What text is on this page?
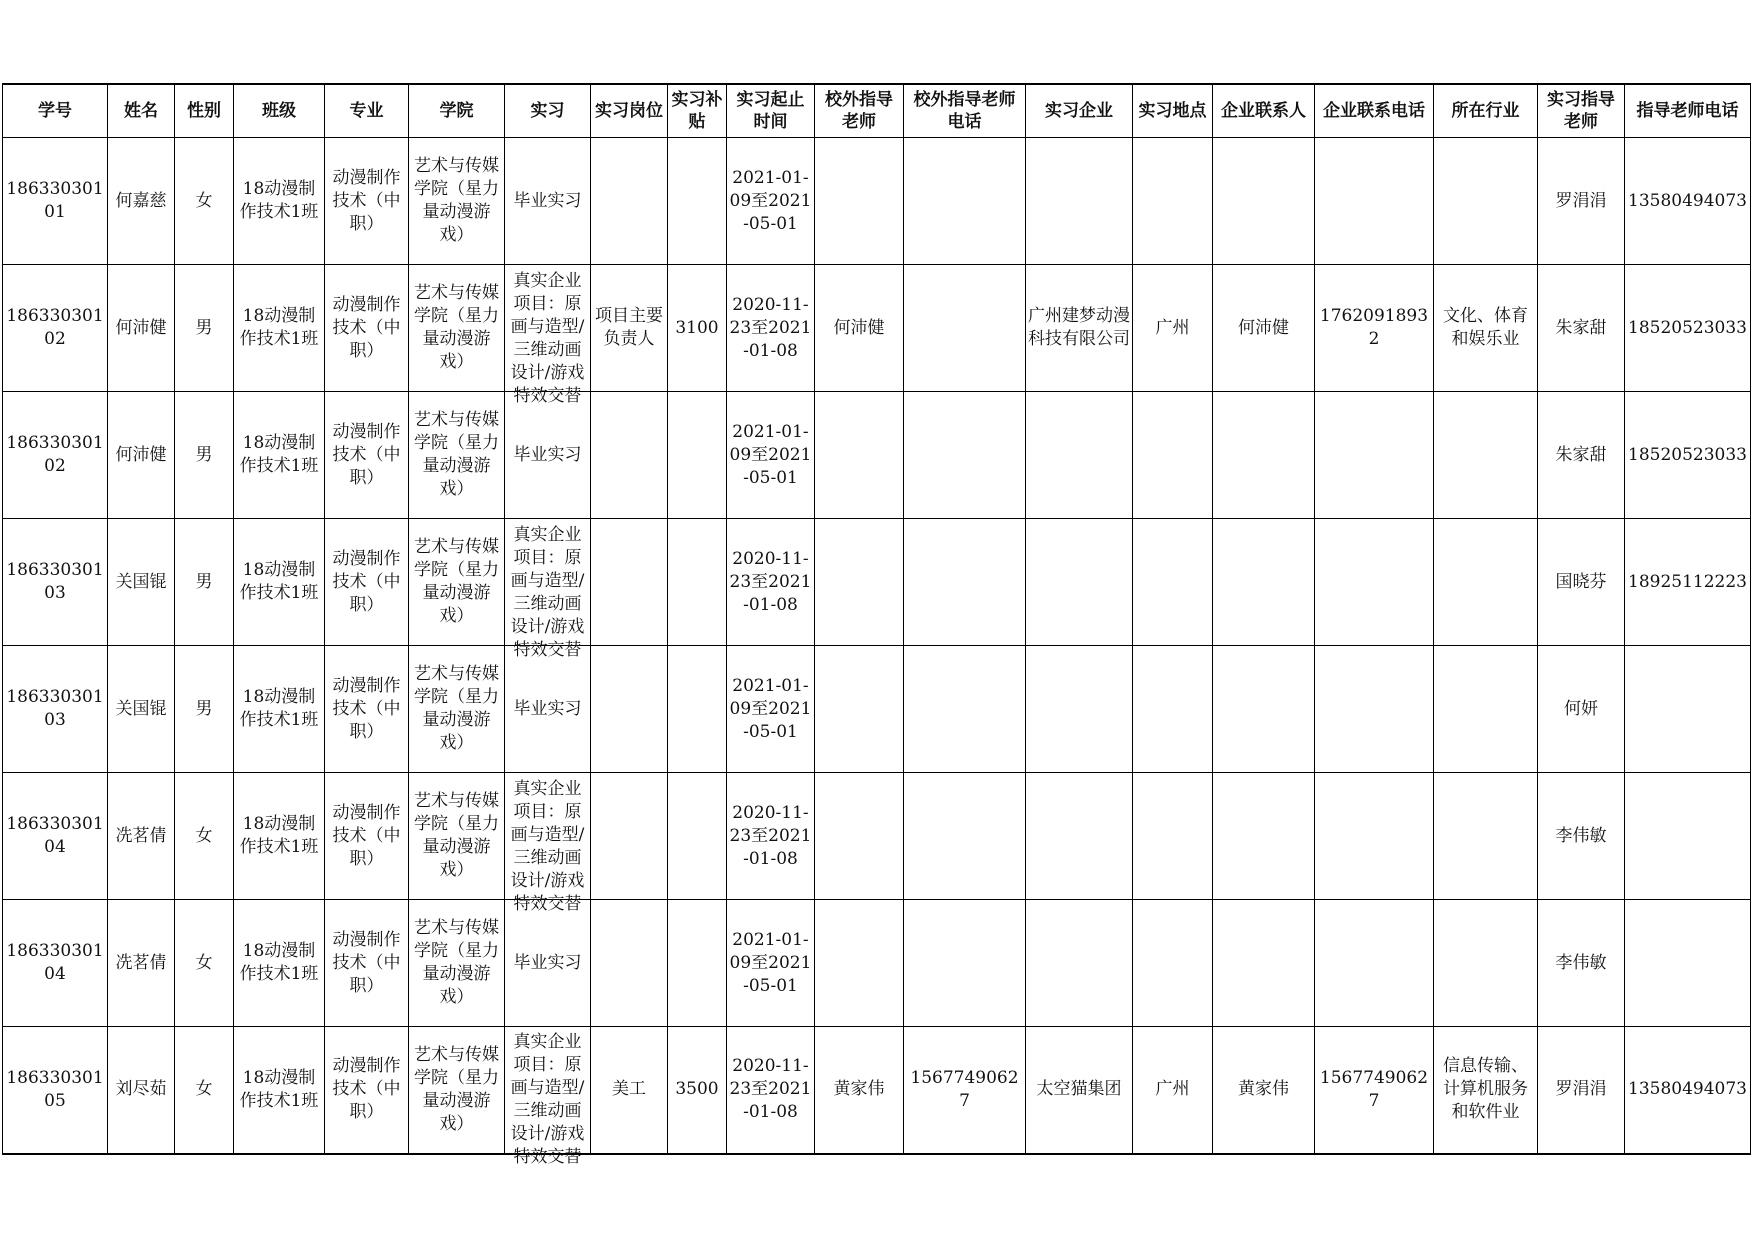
学号	姓名	性别	班级	专业	学院	实习	实习岗位	实习补贴	实习起止时间	校外指导老师	校外指导老师电话	实习企业	实习地点	企业联系人	企业联系电话	所在行业	实习指导老师	指导老师电话

18633030101	何嘉慈	女	18动漫制作技术1班	动漫制作技术（中职）	艺术与传媒学院（星力量动漫游戏）	毕业实习			2021-01-09至2021-05-01								罗涓涓	13580494073

18633030102	何沛健	男	18动漫制作技术1班	动漫制作技术（中职）	艺术与传媒学院（星力量动漫游戏）	真实企业项目：原画与造型/三维动画设计/游戏特效交替	项目主要负责人	3100	2020-11-23至2021-01-08	何沛健		广州建梦动漫科技有限公司	广州	何沛健	17620918932	文化、体育和娱乐业	朱家甜	18520523033

18633030102	何沛健	男	18动漫制作技术1班	动漫制作技术（中职）	艺术与传媒学院（星力量动漫游戏）	毕业实习			2021-01-09至2021-05-01								朱家甜	18520523033

18633030103	关国锟	男	18动漫制作技术1班	动漫制作技术（中职）	艺术与传媒学院（星力量动漫游戏）	真实企业项目：原画与造型/三维动画设计/游戏特效交替			2020-11-23至2021-01-08								国晓芬	18925112223

18633030103	关国锟	男	18动漫制作技术1班	动漫制作技术（中职）	艺术与传媒学院（星力量动漫游戏）	毕业实习			2021-01-09至2021-05-01								何妍	

18633030104	冼茗倩	女	18动漫制作技术1班	动漫制作技术（中职）	艺术与传媒学院（星力量动漫游戏）	真实企业项目：原画与造型/三维动画设计/游戏特效交替			2020-11-23至2021-01-08								李伟敏	

18633030104	冼茗倩	女	18动漫制作技术1班	动漫制作技术（中职）	艺术与传媒学院（星力量动漫游戏）	毕业实习			2021-01-09至2021-05-01								李伟敏	

18633030105	刘尽茹	女	18动漫制作技术1班	动漫制作技术（中职）	艺术与传媒学院（星力量动漫游戏）	真实企业项目：原画与造型/三维动画设计/游戏特效交替	美工	3500	2020-11-23至2021-01-08	黄家伟	15677490627	太空猫集团	广州	黄家伟	15677490627	信息传输、计算机服务和软件业	罗涓涓	13580494073
